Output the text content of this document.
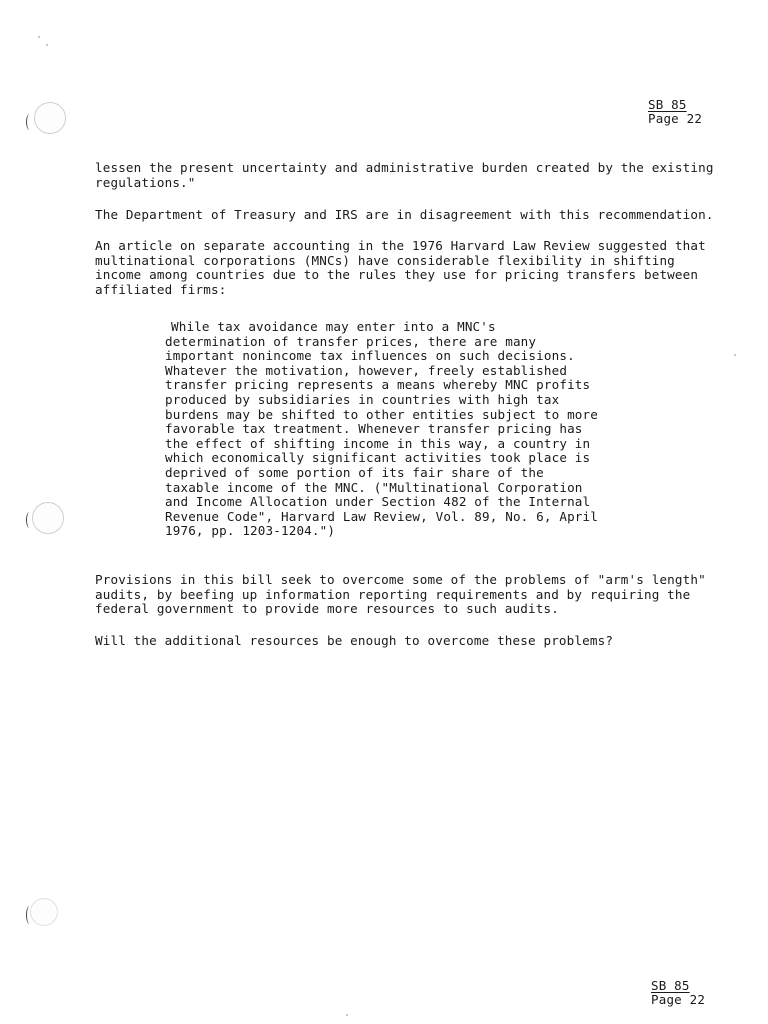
SB 85
Page 22
lessen the present uncertainty and administrative burden created by the existing
regulations."
The Department of Treasury and IRS are in disagreement with this recommendation.
An article on separate accounting in the 1976 Harvard Law Review suggested that
multinational corporations (MNCs) have considerable flexibility in shifting
income among countries due to the rules they use for pricing transfers between
affiliated firms:
While tax avoidance may enter into a MNC's
determination of transfer prices, there are many
important nonincome tax influences on such decisions.
Whatever the motivation, however, freely established
transfer pricing represents a means whereby MNC profits
produced by subsidiaries in countries with high tax
burdens may be shifted to other entities subject to more
favorable tax treatment. Whenever transfer pricing has
the effect of shifting income in this way, a country in
which economically significant activities took place is
deprived of some portion of its fair share of the
taxable income of the MNC. ("Multinational Corporation
and Income Allocation under Section 482 of the Internal
Revenue Code", Harvard Law Review, Vol. 89, No. 6, April
1976, pp. 1203-1204.")
Provisions in this bill seek to overcome some of the problems of "arm's length"
audits, by beefing up information reporting requirements and by requiring the
federal government to provide more resources to such audits.
Will the additional resources be enough to overcome these problems?
SB 85
Page 22
